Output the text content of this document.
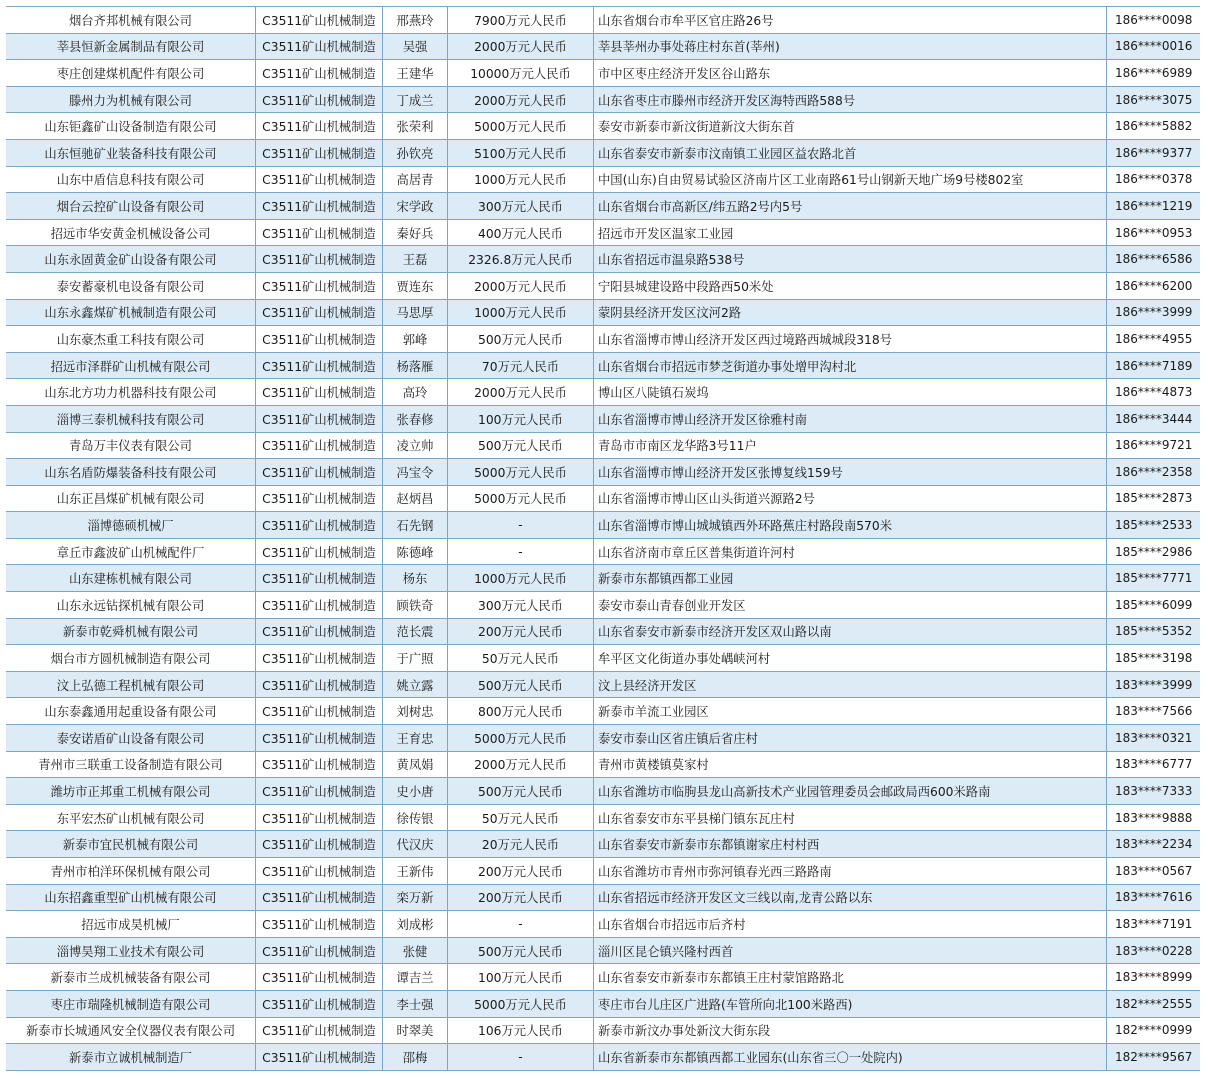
烟台齐邦机械有限公司	C3511矿山机械制造	邢燕玲	7900万元人民币	山东省烟台市牟平区官庄路26号	186****0098
莘县恒新金属制品有限公司	C3511矿山机械制造	吴强	2000万元人民币	莘县莘州办事处蒋庄村东首(莘州)	186****0016
枣庄创建煤机配件有限公司	C3511矿山机械制造	王建华	10000万元人民币	市中区枣庄经济开发区谷山路东	186****6989
滕州力为机械有限公司	C3511矿山机械制造	丁成兰	2000万元人民币	山东省枣庄市滕州市经济开发区海特西路588号	186****3075
山东钜鑫矿山设备制造有限公司	C3511矿山机械制造	张荣利	5000万元人民币	泰安市新泰市新汶街道新汶大街东首	186****5882
山东恒驰矿业装备科技有限公司	C3511矿山机械制造	孙钦亮	5100万元人民币	山东省泰安市新泰市汶南镇工业园区益农路北首	186****9377
山东中盾信息科技有限公司	C3511矿山机械制造	高居青	1000万元人民币	中国(山东)自由贸易试验区济南片区工业南路61号山钢新天地广场9号楼802室	186****0378
烟台云控矿山设备有限公司	C3511矿山机械制造	宋学政	300万元人民币	山东省烟台市高新区/纬五路2号内5号	186****1219
招远市华安黄金机械设备公司	C3511矿山机械制造	秦好兵	400万元人民币	招远市开发区温家工业园	186****0953
山东永固黄金矿山设备有限公司	C3511矿山机械制造	王磊	2326.8万元人民币	山东省招远市温泉路538号	186****6586
泰安蓄豪机电设备有限公司	C3511矿山机械制造	贾连东	2000万元人民币	宁阳县城建设路中段路西50米处	186****6200
山东永鑫煤矿机械制造有限公司	C3511矿山机械制造	马思厚	1000万元人民币	蒙阴县经济开发区汶河2路	186****3999
山东豪杰重工科技有限公司	C3511矿山机械制造	郭峰	500万元人民币	山东省淄博市博山经济开发区西过境路西城城段318号	186****4955
招远市泽群矿山机械有限公司	C3511矿山机械制造	杨落雁	70万元人民币	山东省烟台市招远市梦芝街道办事处增甲沟村北	186****7189
山东北方功力机器科技有限公司	C3511矿山机械制造	高玲	2000万元人民币	博山区八陡镇石炭坞	186****4873
淄博三泰机械科技有限公司	C3511矿山机械制造	张春修	100万元人民币	山东省淄博市博山经济开发区徐雅村南	186****3444
青岛万丰仪表有限公司	C3511矿山机械制造	凌立帅	500万元人民币	青岛市市南区龙华路3号11户	186****9721
山东名盾防爆装备科技有限公司	C3511矿山机械制造	冯宝令	5000万元人民币	山东省淄博市博山经济开发区张博复线159号	186****2358
山东正昌煤矿机械有限公司	C3511矿山机械制造	赵炳昌	5000万元人民币	山东省淄博市博山区山头街道兴源路2号	185****2873
淄博德硕机械厂	C3511矿山机械制造	石先钢	-	山东省淄博市博山城城镇西外环路蕉庄村路段南570米	185****2533
章丘市鑫波矿山机械配件厂	C3511矿山机械制造	陈德峰	-	山东省济南市章丘区普集街道许河村	185****2986
山东建栋机械有限公司	C3511矿山机械制造	杨东	1000万元人民币	新泰市东都镇西都工业园	185****7771
山东永远钻探机械有限公司	C3511矿山机械制造	顾铁奇	300万元人民币	泰安市泰山青春创业开发区	185****6099
新泰市乾舜机械有限公司	C3511矿山机械制造	范长震	200万元人民币	山东省泰安市新泰市经济开发区双山路以南	185****5352
烟台市方圆机械制造有限公司	C3511矿山机械制造	于广照	50万元人民币	牟平区文化街道办事处嵎峡河村	185****3198
汶上弘德工程机械有限公司	C3511矿山机械制造	姚立露	500万元人民币	汶上县经济开发区	183****3999
山东泰鑫通用起重设备有限公司	C3511矿山机械制造	刘树忠	800万元人民币	新泰市羊流工业园区	183****7566
泰安诺盾矿山设备有限公司	C3511矿山机械制造	王育忠	5000万元人民币	泰安市泰山区省庄镇后省庄村	183****0321
青州市三联重工设备制造有限公司	C3511矿山机械制造	黄凤娟	2000万元人民币	青州市黄楼镇莫家村	183****6777
潍坊市正邦重工机械有限公司	C3511矿山机械制造	史小唐	500万元人民币	山东省潍坊市临朐县龙山高新技术产业园管理委员会邮政局西600米路南	183****7333
东平宏杰矿山机械有限公司	C3511矿山机械制造	徐传银	50万元人民币	山东省泰安市东平县梯门镇东瓦庄村	183****9888
新泰市宜民机械有限公司	C3511矿山机械制造	代汉庆	20万元人民币	山东省泰安市新泰市东都镇谢家庄村村西	183****2234
青州市柏洋环保机械有限公司	C3511矿山机械制造	王新伟	200万元人民币	山东省潍坊市青州市弥河镇春光西三路路南	183****0567
山东招鑫重型矿山机械有限公司	C3511矿山机械制造	栾万新	200万元人民币	山东省招远市经济开发区文三线以南,龙青公路以东	183****7616
招远市成昊机械厂	C3511矿山机械制造	刘成彬	-	山东省烟台市招远市后齐村	183****7191
淄博昊翔工业技术有限公司	C3511矿山机械制造	张健	500万元人民币	淄川区昆仑镇兴隆村西首	183****0228
新泰市兰成机械装备有限公司	C3511矿山机械制造	谭吉兰	100万元人民币	山东省泰安市新泰市东都镇王庄村蒙馆路路北	183****8999
枣庄市瑞隆机械制造有限公司	C3511矿山机械制造	李士强	5000万元人民币	枣庄市台儿庄区广进路(车管所向北100米路西)	182****2555
新泰市长城通风安全仪器仪表有限公司	C3511矿山机械制造	时翠美	106万元人民币	新泰市新汶办事处新汶大街东段	182****0999
新泰市立诚机械制造厂	C3511矿山机械制造	邵梅	-	山东省新泰市东都镇西都工业园东(山东省三〇一处院内)	182****9567
